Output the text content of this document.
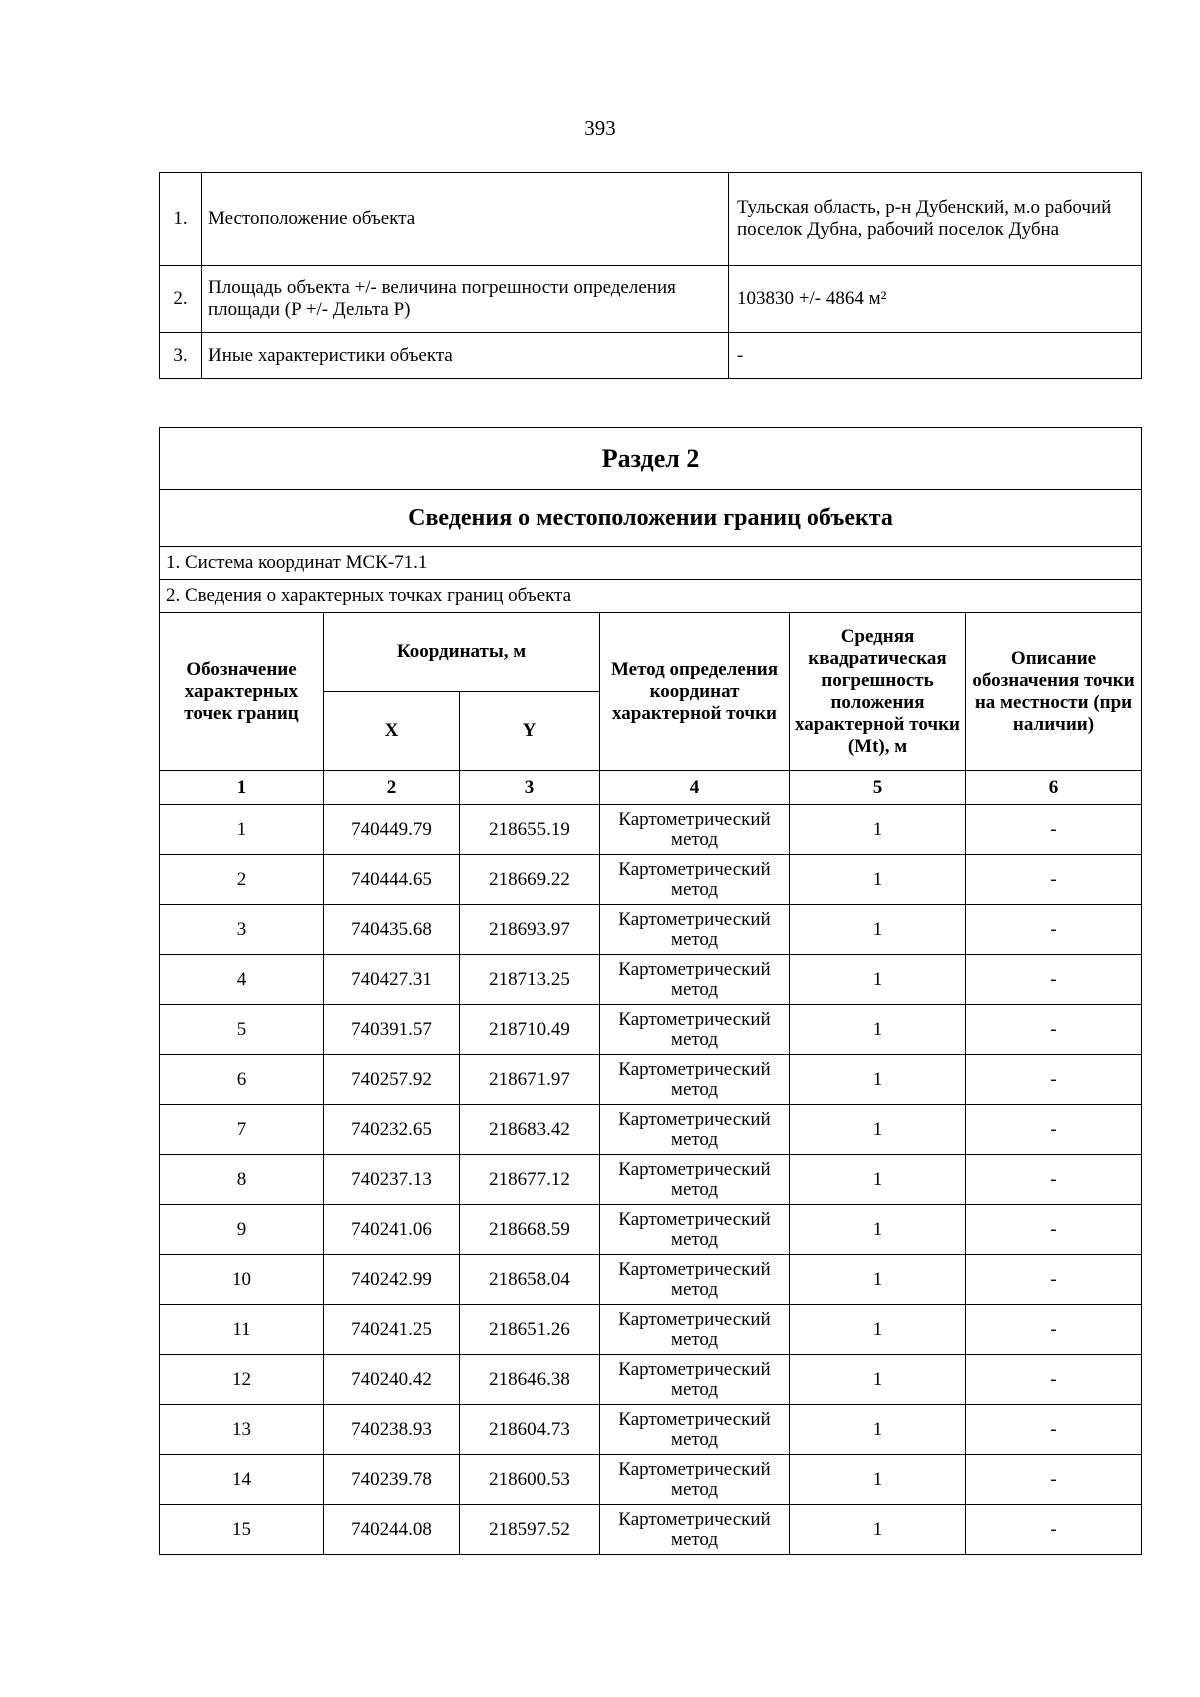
393
1.	Местоположение объекта	Тульская область, р-н Дубенский, м.о рабочий поселок Дубна, рабочий поселок Дубна
2.	Площадь объекта +/- величина погрешности определения площади (P +/- Дельта P)	103830 +/- 4864 м²
3.	Иные характеристики объекта	-
Раздел 2					
Сведения о местоположении границ объекта					
1. Система координат МСК-71.1					
2. Сведения о характерных точках границ объекта					
Обозначение характерных точек границ	Координаты, м		Метод определения координат характерной точки	Средняя квадратическая погрешность положения характерной точки (Mt), м	Описание обозначения точки на местности (при наличии)
	X	Y			
1	2	3	4	5	6
1	740449.79	218655.19	Картометрический метод	1	-
2	740444.65	218669.22	Картометрический метод	1	-
3	740435.68	218693.97	Картометрический метод	1	-
4	740427.31	218713.25	Картометрический метод	1	-
5	740391.57	218710.49	Картометрический метод	1	-
6	740257.92	218671.97	Картометрический метод	1	-
7	740232.65	218683.42	Картометрический метод	1	-
8	740237.13	218677.12	Картометрический метод	1	-
9	740241.06	218668.59	Картометрический метод	1	-
10	740242.99	218658.04	Картометрический метод	1	-
11	740241.25	218651.26	Картометрический метод	1	-
12	740240.42	218646.38	Картометрический метод	1	-
13	740238.93	218604.73	Картометрический метод	1	-
14	740239.78	218600.53	Картометрический метод	1	-
15	740244.08	218597.52	Картометрический метод	1	-
